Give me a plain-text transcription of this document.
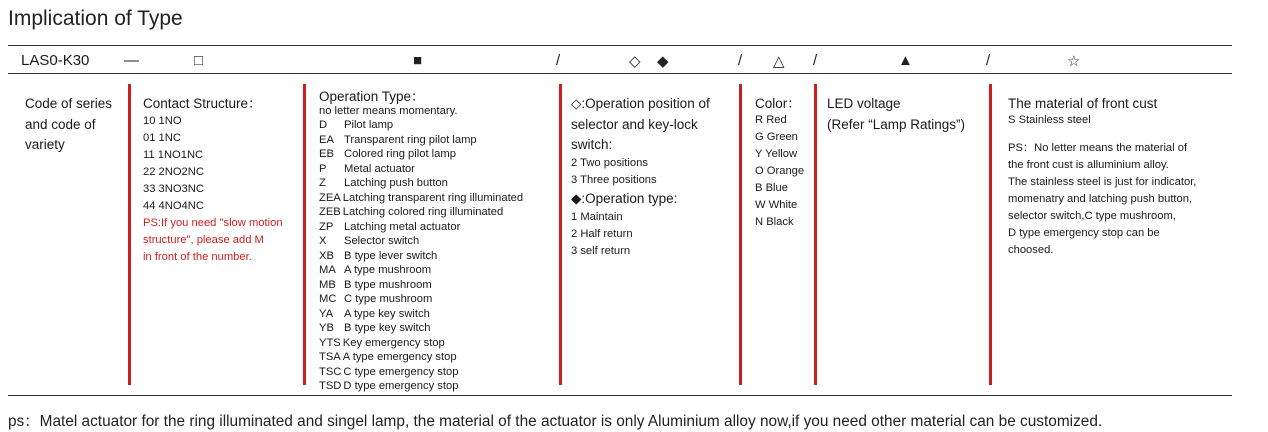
Implication of Type
LAS0-K30 —	□	■	/	◇ ◆	/ △ /	▲	/	☆
Code of series
and code of
variety
Contact Structure：
10 1NO
01 1NC
11 1NO1NC
22 2NO2NC
33 3NO3NC
44 4NO4NC
PS:If you need "slow motion
structure", please add M
in front of the number.
Operation Type：
no letter means momentary.
D Pilot lamp
EA Transparent ring pilot lamp
EB Colored ring pilot lamp
P Metal actuator
Z Latching push button
ZEA Latching transparent ring illuminated
ZEB Latching colored ring illuminated
ZP Latching metal actuator
X Selector switch
XB B type lever switch
MA A type mushroom
MB B type mushroom
MC C type mushroom
YA A type key switch
YB B type key switch
YTS Key emergency stop
TSA A type emergency stop
TSC C type emergency stop
TSD D type emergency stop
◇:Operation position of
selector and key-lock
switch:
2 Two positions
3 Three positions
◆:Operation type:
1 Maintain
2 Half return
3 self return
Color：
R Red
G Green
Y Yellow
O Orange
B Blue
W White
N Black
LED voltage
(Refer “Lamp Ratings”)
The material of front cust
S Stainless steel
PS：No letter means the material of
the front cust is alluminium alloy.
The stainless steel is just for indicator,
momenatry and latching push button,
selector switch,C type mushroom,
D type emergency stop can be
choosed.
ps：Matel actuator for the ring illuminated and singel lamp, the material of the actuator is only Aluminium alloy now,if you need other material can be customized.
